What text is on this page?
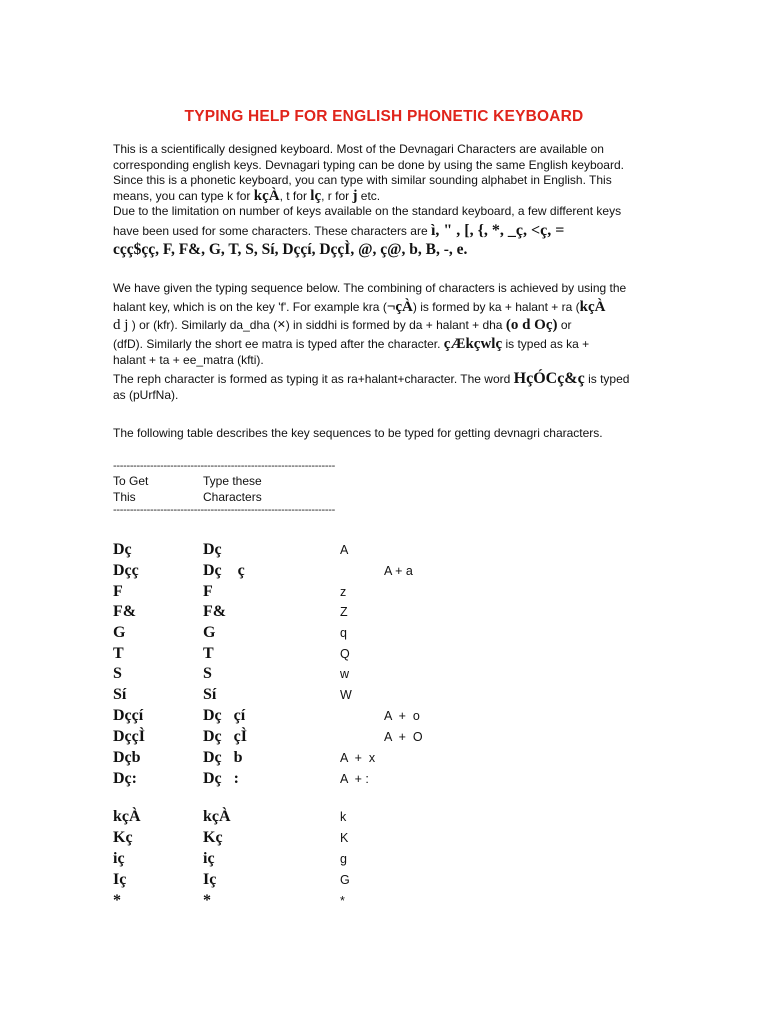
TYPING HELP FOR ENGLISH PHONETIC KEYBOARD
This is a scientifically designed keyboard. Most of the Devnagari Characters are available on
corresponding english keys. Devnagari typing can be done by using the same English keyboard.
Since this is a phonetic keyboard, you can type with similar sounding alphabet in English. This
means, you can type k for kçÀ, t for lç, r for j etc.
Due to the limitation on number of keys available on the standard keyboard, a few different keys
have been used for some characters. These characters are ì, " , [, {, *, _ç, <ç, =
cçç$çç, F, F&, G, T, S, Sí, Dççí, DççÌ, @, ç@, b, B, -, e.
We have given the typing sequence below. The combining of characters is achieved by using the
halant key, which is on the key 'f'. For example kra (¬çÀ) is formed by ka + halant + ra (kçÀ
d j ) or (kfr). Similarly da_dha (×) in siddhi is formed by da + halant + dha (o d Oç) or
(dfD). Similarly the short ee matra is typed after the character. çÆkçwlç is typed as ka +
halant + ta + ee_matra (kfti).
The reph character is formed as typing it as ra+halant+character. The word HçÓCç&ç is typed
as (pUrfNa).
The following table describes the key sequences to be typed for getting devnagri characters.
------------------------------------------------------------------
To Get
This
Type these
Characters
------------------------------------------------------------------
Dç	Dç	A
Dçç	Dç    ç	A + a
F	F	z
F&	F&	Z
G	G	q
T	T	Q
S	S	w
Sí	Sí	W
Dççí	Dç   çí	A  +  o
DççÌ	Dç   çÌ	A  +  O
Dçb	Dç   b	A  +  x
Dç:	Dç   :	A  + :
kçÀ	kçÀ	k
Kç	Kç	K
iç	iç	g
Iç	Iç	G
*	*	*
